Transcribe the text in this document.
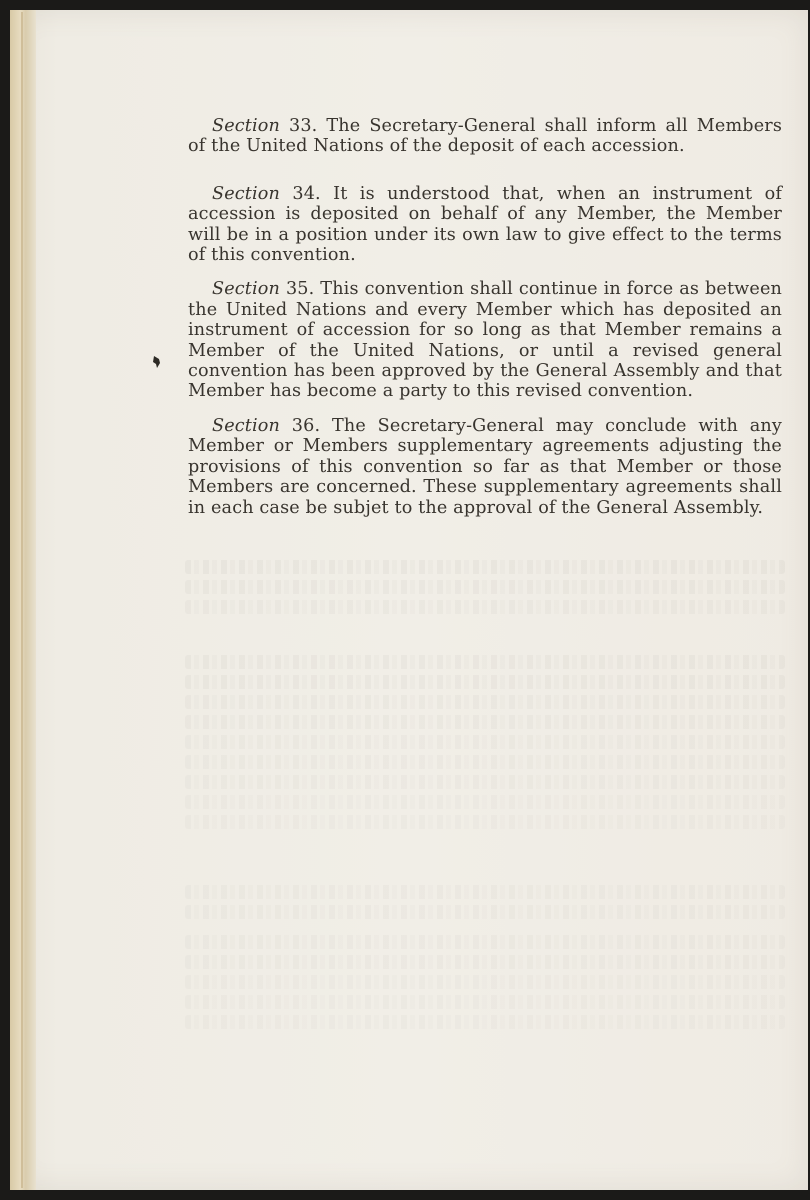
Section 33. The Secretary-General shall inform all Members of the United Nations of the deposit of each accession.

Section 34. It is understood that, when an instrument of accession is deposited on behalf of any Member, the Member will be in a position under its own law to give effect to the terms of this convention.

Section 35. This convention shall continue in force as between the United Nations and every Member which has deposited an instrument of accession for so long as that Member remains a Member of the United Nations, or until a revised general convention has been approved by the General Assembly and that Member has become a party to this revised convention.

Section 36. The Secretary-General may conclude with any Member or Members supplementary agreements adjusting the provisions of this convention so far as that Member or those Members are concerned. These supplementary agreements shall in each case be subjet to the approval of the General Assembly.
